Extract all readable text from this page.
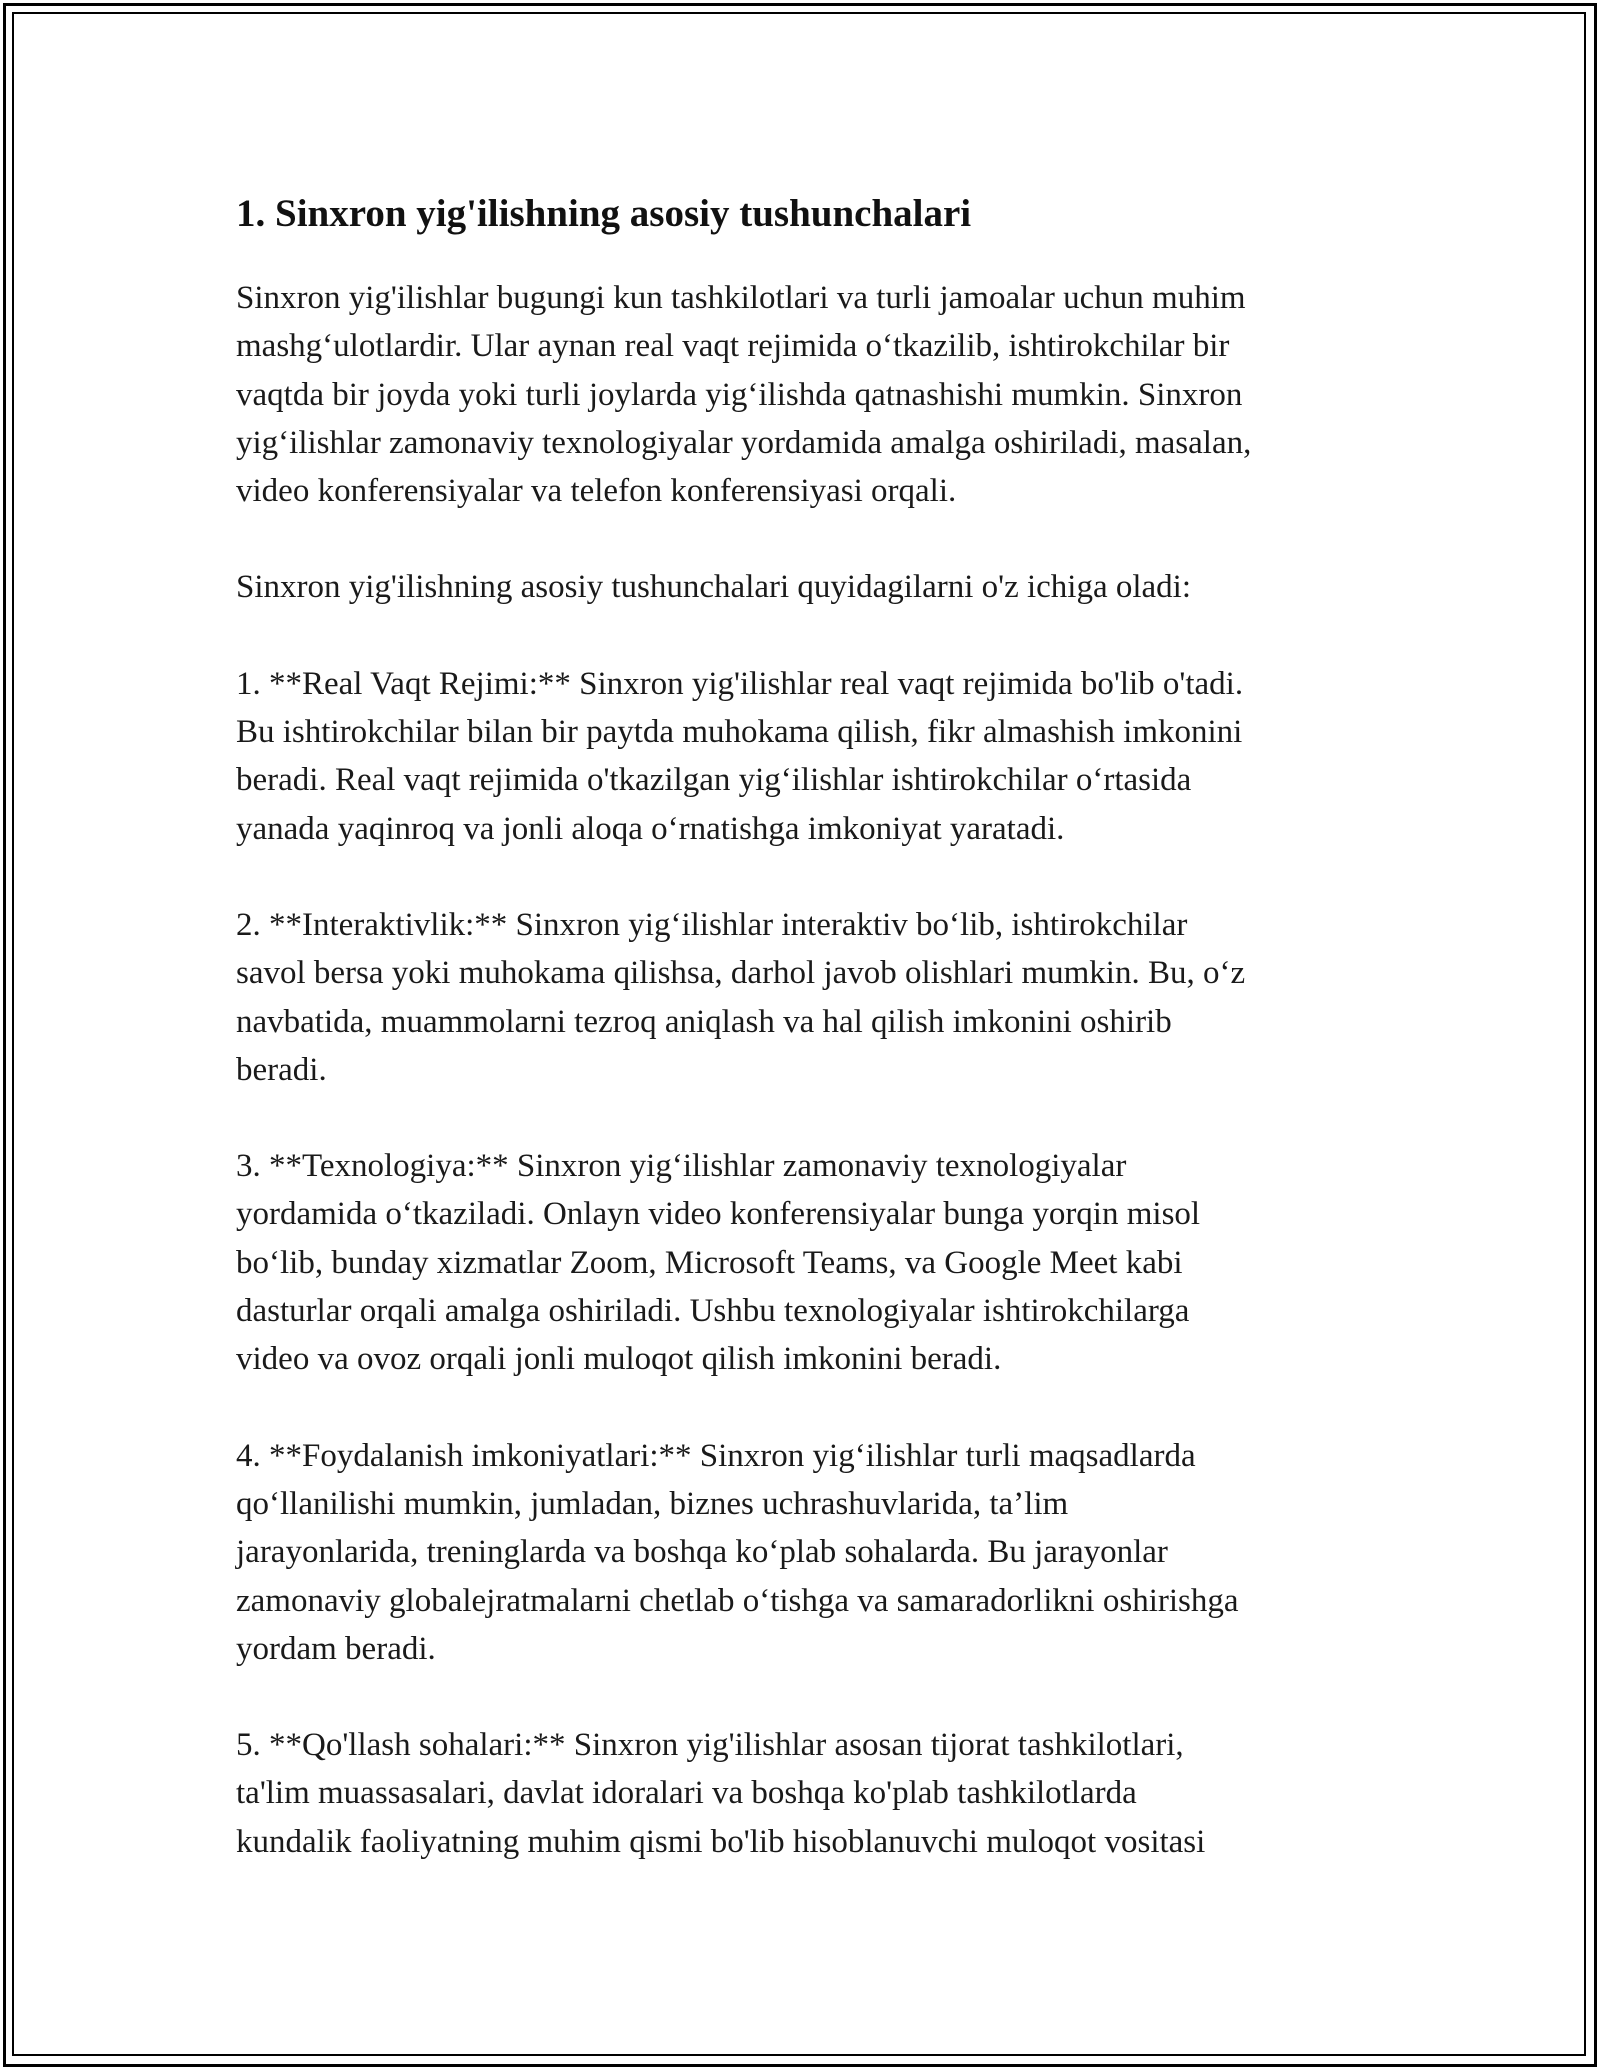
1. Sinxron yig'ilishning asosiy tushunchalari

Sinxron yig'ilishlar bugungi kun tashkilotlari va turli jamoalar uchun muhim
mashg‘ulotlardir. Ular aynan real vaqt rejimida o‘tkazilib, ishtirokchilar bir
vaqtda bir joyda yoki turli joylarda yig‘ilishda qatnashishi mumkin. Sinxron
yig‘ilishlar zamonaviy texnologiyalar yordamida amalga oshiriladi, masalan,
video konferensiyalar va telefon konferensiyasi orqali.

Sinxron yig'ilishning asosiy tushunchalari quyidagilarni o'z ichiga oladi:

1. **Real Vaqt Rejimi:** Sinxron yig'ilishlar real vaqt rejimida bo'lib o'tadi.
Bu ishtirokchilar bilan bir paytda muhokama qilish, fikr almashish imkonini
beradi. Real vaqt rejimida o'tkazilgan yig‘ilishlar ishtirokchilar o‘rtasida
yanada yaqinroq va jonli aloqa o‘rnatishga imkoniyat yaratadi.

2. **Interaktivlik:** Sinxron yig‘ilishlar interaktiv bo‘lib, ishtirokchilar
savol bersa yoki muhokama qilishsa, darhol javob olishlari mumkin. Bu, o‘z
navbatida, muammolarni tezroq aniqlash va hal qilish imkonini oshirib
beradi.

3. **Texnologiya:** Sinxron yig‘ilishlar zamonaviy texnologiyalar
yordamida o‘tkaziladi. Onlayn video konferensiyalar bunga yorqin misol
bo‘lib, bunday xizmatlar Zoom, Microsoft Teams, va Google Meet kabi
dasturlar orqali amalga oshiriladi. Ushbu texnologiyalar ishtirokchilarga
video va ovoz orqali jonli muloqot qilish imkonini beradi.

4. **Foydalanish imkoniyatlari:** Sinxron yig‘ilishlar turli maqsadlarda
qo‘llanilishi mumkin, jumladan, biznes uchrashuvlarida, ta’lim
jarayonlarida, treninglarda va boshqa ko‘plab sohalarda. Bu jarayonlar
zamonaviy globalejratmalarni chetlab o‘tishga va samaradorlikni oshirishga
yordam beradi.

5. **Qo'llash sohalari:** Sinxron yig'ilishlar asosan tijorat tashkilotlari,
ta'lim muassasalari, davlat idoralari va boshqa ko'plab tashkilotlarda
kundalik faoliyatning muhim qismi bo'lib hisoblanuvchi muloqot vositasi
